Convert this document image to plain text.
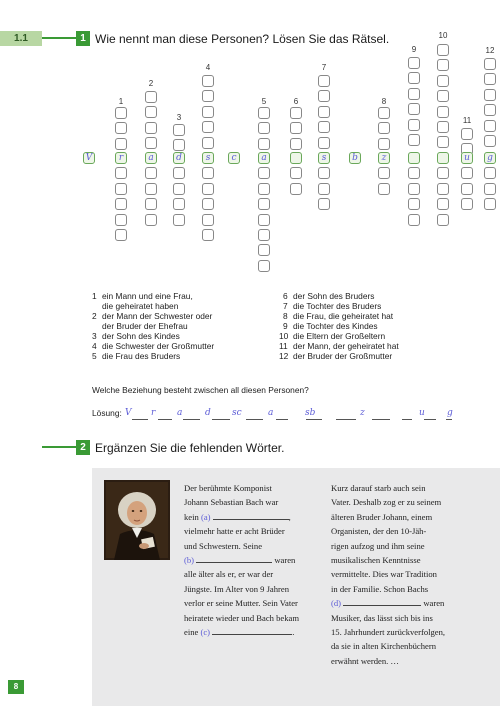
1.1	1 Wie nennt man diese Personen? Lösen Sie das Rätsel.
V
1
r
2
a
3
d
4
s	c
5
a
6
7
s	b
8
z
9
10
11
u
12
g
1 ein Mann und eine Frau,
die geheiratet haben
2 der Mann der Schwester oder
der Bruder der Ehefrau
3 der Sohn des Kindes
4 die Schwester der Großmutter
5 die Frau des Bruders
6 der Sohn des Bruders
7 die Tochter des Bruders
8 die Frau, die geheiratet hat
9 die Tochter des Kindes
10 die Eltern der Großeltern
11 der Mann, der geheiratet hat
12 der Bruder der Großmutter
Welche Beziehung besteht zwischen all diesen Personen?
Lösung: V r a	d sc	a	sb	z	u g
2 Ergänzen Sie die fehlenden Wörter.
Der berühmte Komponist
Johann Sebastian Bach war
kein (a)	,
vielmehr hatte er acht Brüder
und Schwestern. Seine
(b)	waren
alle älter als er, er war der
Jüngste. Im Alter von 9 Jahren
verlor er seine Mutter. Sein Vater
heiratete wieder und Bach bekam
eine (c)	.
Kurz darauf starb auch sein
Vater. Deshalb zog er zu seinem
älteren Bruder Johann, einem
Organisten, der den 10-Jäh-
rigen aufzog und ihm seine
musikalischen Kenntnisse
vermittelte. Dies war Tradition
in der Familie. Schon Bachs
(d)	waren
Musiker, das lässt sich bis ins
15. Jahrhundert zurückverfolgen,
da sie in alten Kirchenbüchern
erwähnt werden. …
8
